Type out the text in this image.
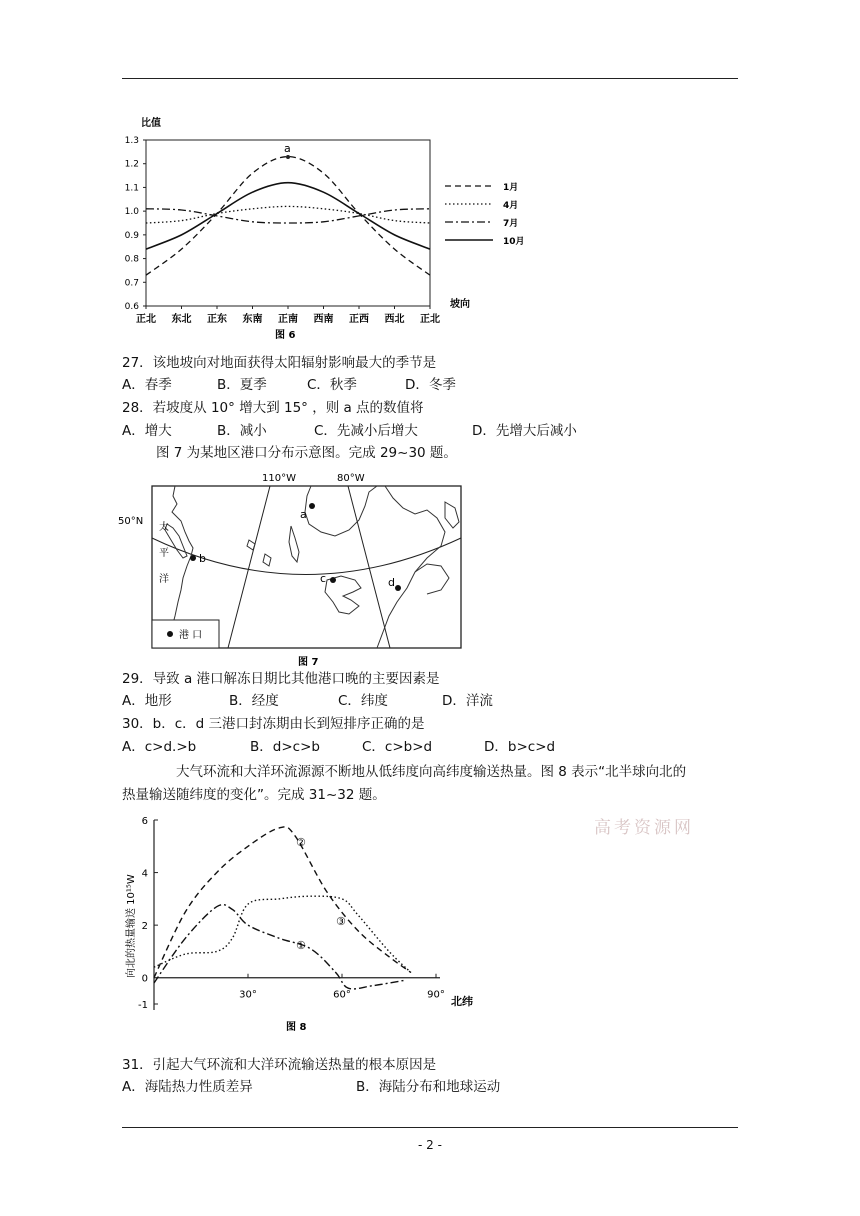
比值
0.6
0.7
0.8
0.9
1.0
1.1
1.2
1.3
正北 东北 正东 东南 正南 西南 正西 西北 正北
a
坡向
图 6
1月
4月
7月
10月
27．该地坡向对地面获得太阳辐射影响最大的季节是
A．春季	B．夏季	C．秋季	D．冬季
28．若坡度从 10° 增大到 15° ，则 a 点的数值将
A．增大	B．减小	C．先减小后增大	D．先增大后减小
图 7 为某地区港口分布示意图。完成 29~30 题。
110°W	80°W
50°N
太
平
洋
a
b
c	d
港 口
图 7
29．导致 a 港口解冻日期比其他港口晚的主要因素是
A．地形	B．经度	C．纬度	D．洋流
30．b．c．d 三港口封冻期由长到短排序正确的是
A．c>d.>b	B．d>c>b	C．c>b>d	D．b>c>d
大气环流和大洋环流源源不断地从低纬度向高纬度输送热量。图 8 表示“北半球向北的
热量输送随纬度的变化”。完成 31~32 题。
高考资源网
向北的热量输送 10¹⁵W
6
4
2
0
-1
30°	60°	90°
①
②
③
北纬
图 8
31．引起大气环流和大洋环流输送热量的根本原因是
A．海陆热力性质差异	B．海陆分布和地球运动
- 2 -
